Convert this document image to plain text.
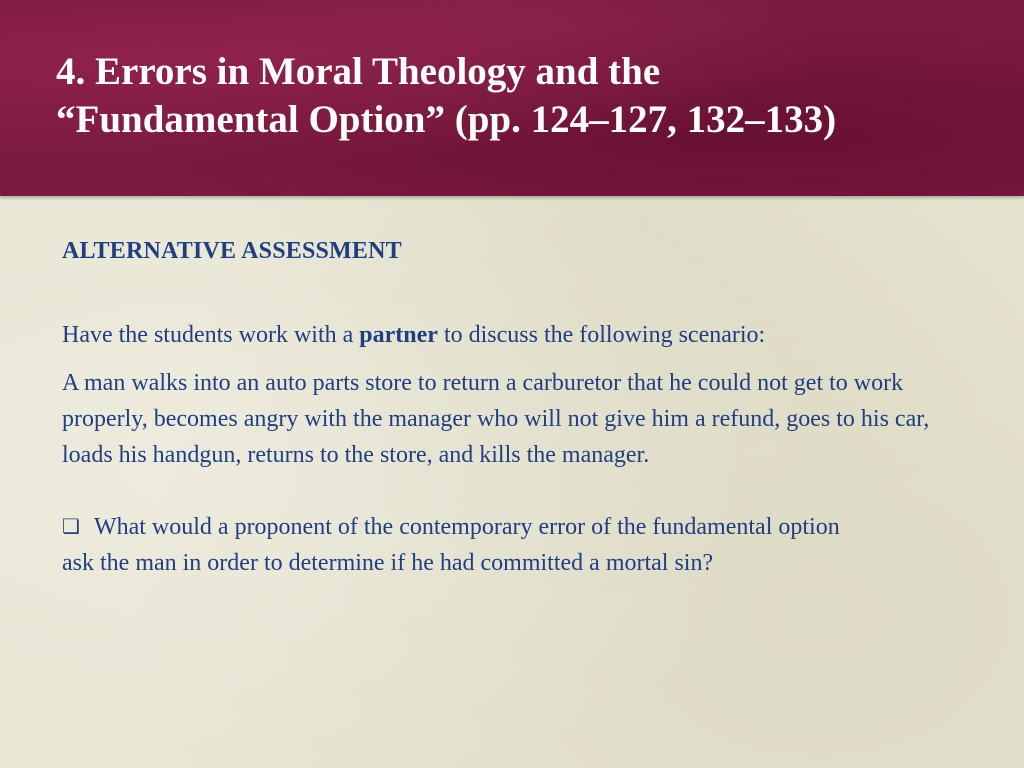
4. Errors in Moral Theology and the
“Fundamental Option” (pp. 124–127, 132–133)

ALTERNATIVE ASSESSMENT

Have the students work with a partner to discuss the following scenario:

A man walks into an auto parts store to return a carburetor that he could not get to work properly, becomes angry with the manager who will not give him a refund, goes to his car, loads his handgun, returns to the store, and kills the manager.

❏ What would a proponent of the contemporary error of the fundamental option ask the man in order to determine if he had committed a mortal sin?
